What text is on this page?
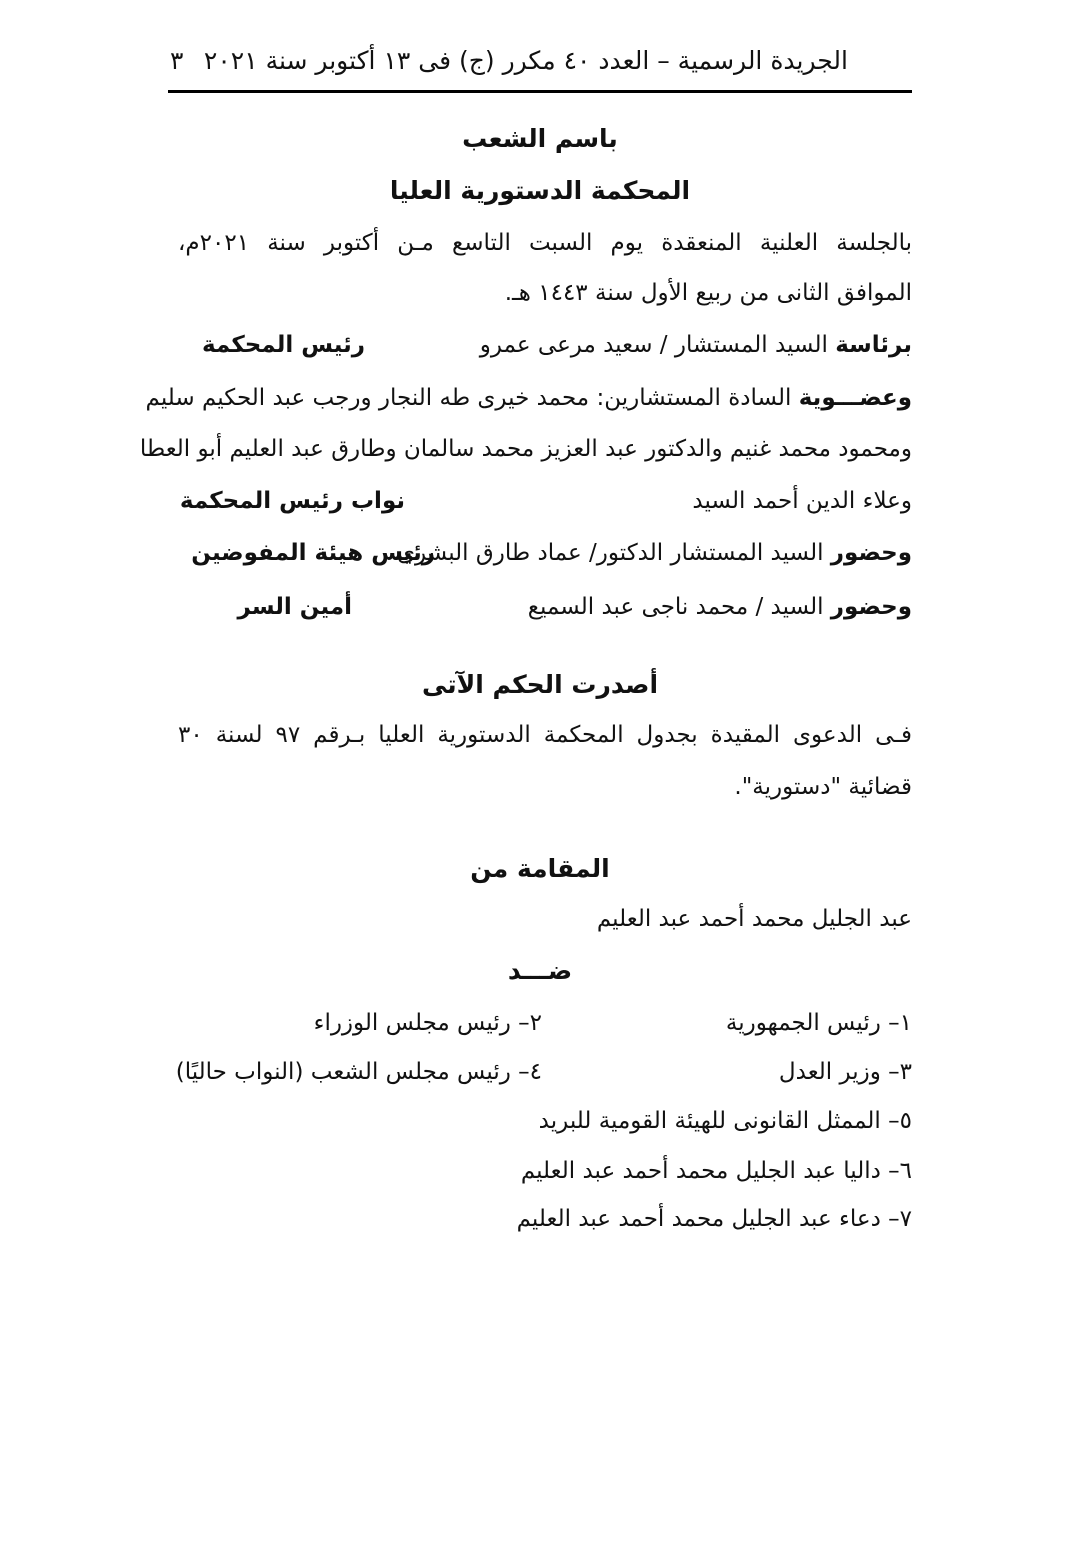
الجريدة الرسمية – العدد ٤٠ مكرر (ج) فى ١٣ أكتوبر سنة ٢٠٢١
٣
باسم الشعب
المحكمة الدستورية العليا
بالجلسة العلنية المنعقدة يوم السبت التاسع مـن أكتوبر سنة ٢٠٢١م،
الموافق الثانى من ربيع الأول سنة ١٤٤٣ هـ.
برئاسة السيد المستشار / سعيد مرعى عمرو
رئيس المحكمة
وعضـــوية السادة المستشارين: محمد خيرى طه النجار ورجب عبد الحكيم سليم
ومحمود محمد غنيم والدكتور عبد العزيز محمد سالمان وطارق عبد العليم أبو العطا
وعلاء الدين أحمد السيد
نواب رئيس المحكمة
وحضور السيد المستشار الدكتور/ عماد طارق البشرى
رئيس هيئة المفوضين
وحضور السيد / محمد ناجى عبد السميع
أمين السر
أصدرت الحكم الآتى
فـى الدعوى المقيدة بجدول المحكمة الدستورية العليا بـرقم ٩٧ لسنة ٣٠
قضائية "دستورية".
المقامة من
عبد الجليل محمد أحمد عبد العليم
ضـــد
١– رئيس الجمهورية
٢– رئيس مجلس الوزراء
٣– وزير العدل
٤– رئيس مجلس الشعب (النواب حاليًا)
٥– الممثل القانونى للهيئة القومية للبريد
٦– داليا عبد الجليل محمد أحمد عبد العليم
٧– دعاء عبد الجليل محمد أحمد عبد العليم
